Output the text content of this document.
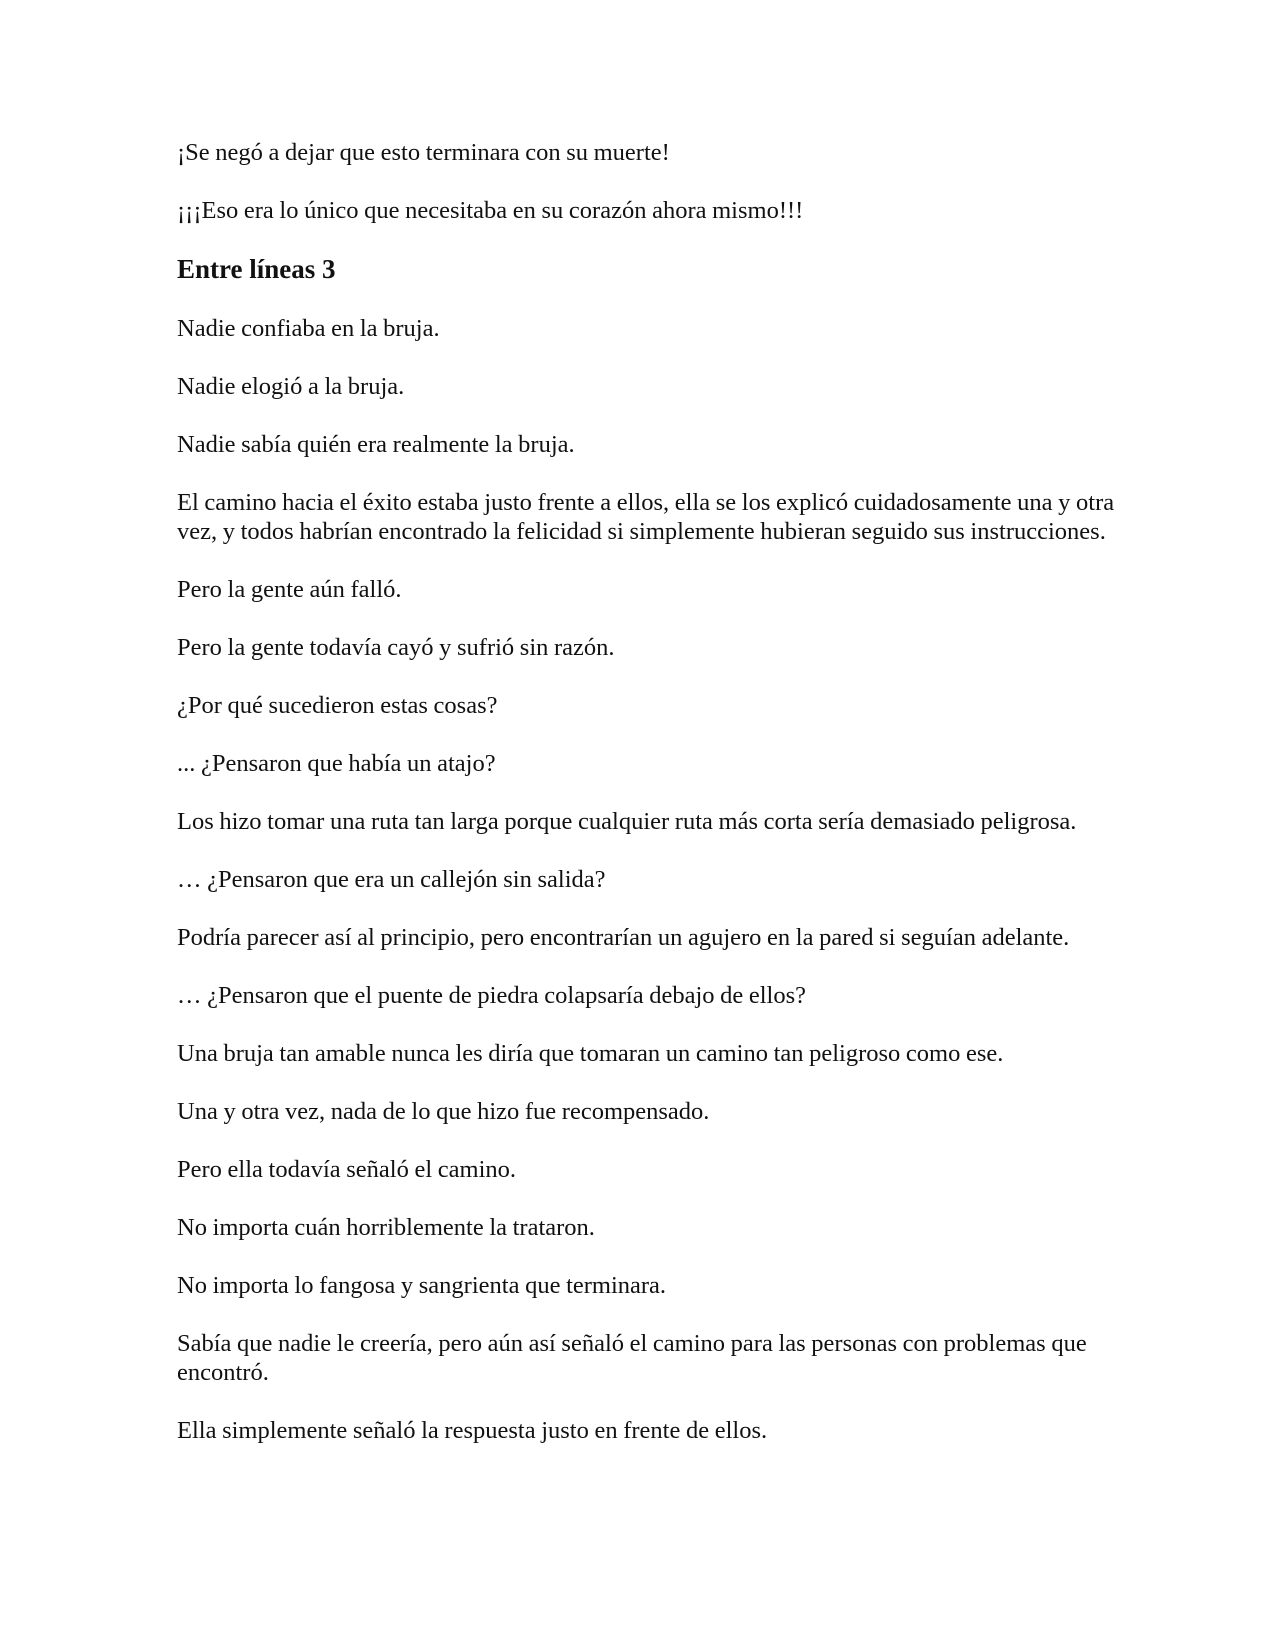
¡Se negó a dejar que esto terminara con su muerte!

¡¡¡Eso era lo único que necesitaba en su corazón ahora mismo!!!

Entre líneas 3

Nadie confiaba en la bruja.

Nadie elogió a la bruja.

Nadie sabía quién era realmente la bruja.

El camino hacia el éxito estaba justo frente a ellos, ella se los explicó cuidadosamente una y otra vez, y todos habrían encontrado la felicidad si simplemente hubieran seguido sus instrucciones.

Pero la gente aún falló.

Pero la gente todavía cayó y sufrió sin razón.

¿Por qué sucedieron estas cosas?

... ¿Pensaron que había un atajo?

Los hizo tomar una ruta tan larga porque cualquier ruta más corta sería demasiado peligrosa.

… ¿Pensaron que era un callejón sin salida?

Podría parecer así al principio, pero encontrarían un agujero en la pared si seguían adelante.

… ¿Pensaron que el puente de piedra colapsaría debajo de ellos?

Una bruja tan amable nunca les diría que tomaran un camino tan peligroso como ese.

Una y otra vez, nada de lo que hizo fue recompensado.

Pero ella todavía señaló el camino.

No importa cuán horriblemente la trataron.

No importa lo fangosa y sangrienta que terminara.

Sabía que nadie le creería, pero aún así señaló el camino para las personas con problemas que encontró.

Ella simplemente señaló la respuesta justo en frente de ellos.
